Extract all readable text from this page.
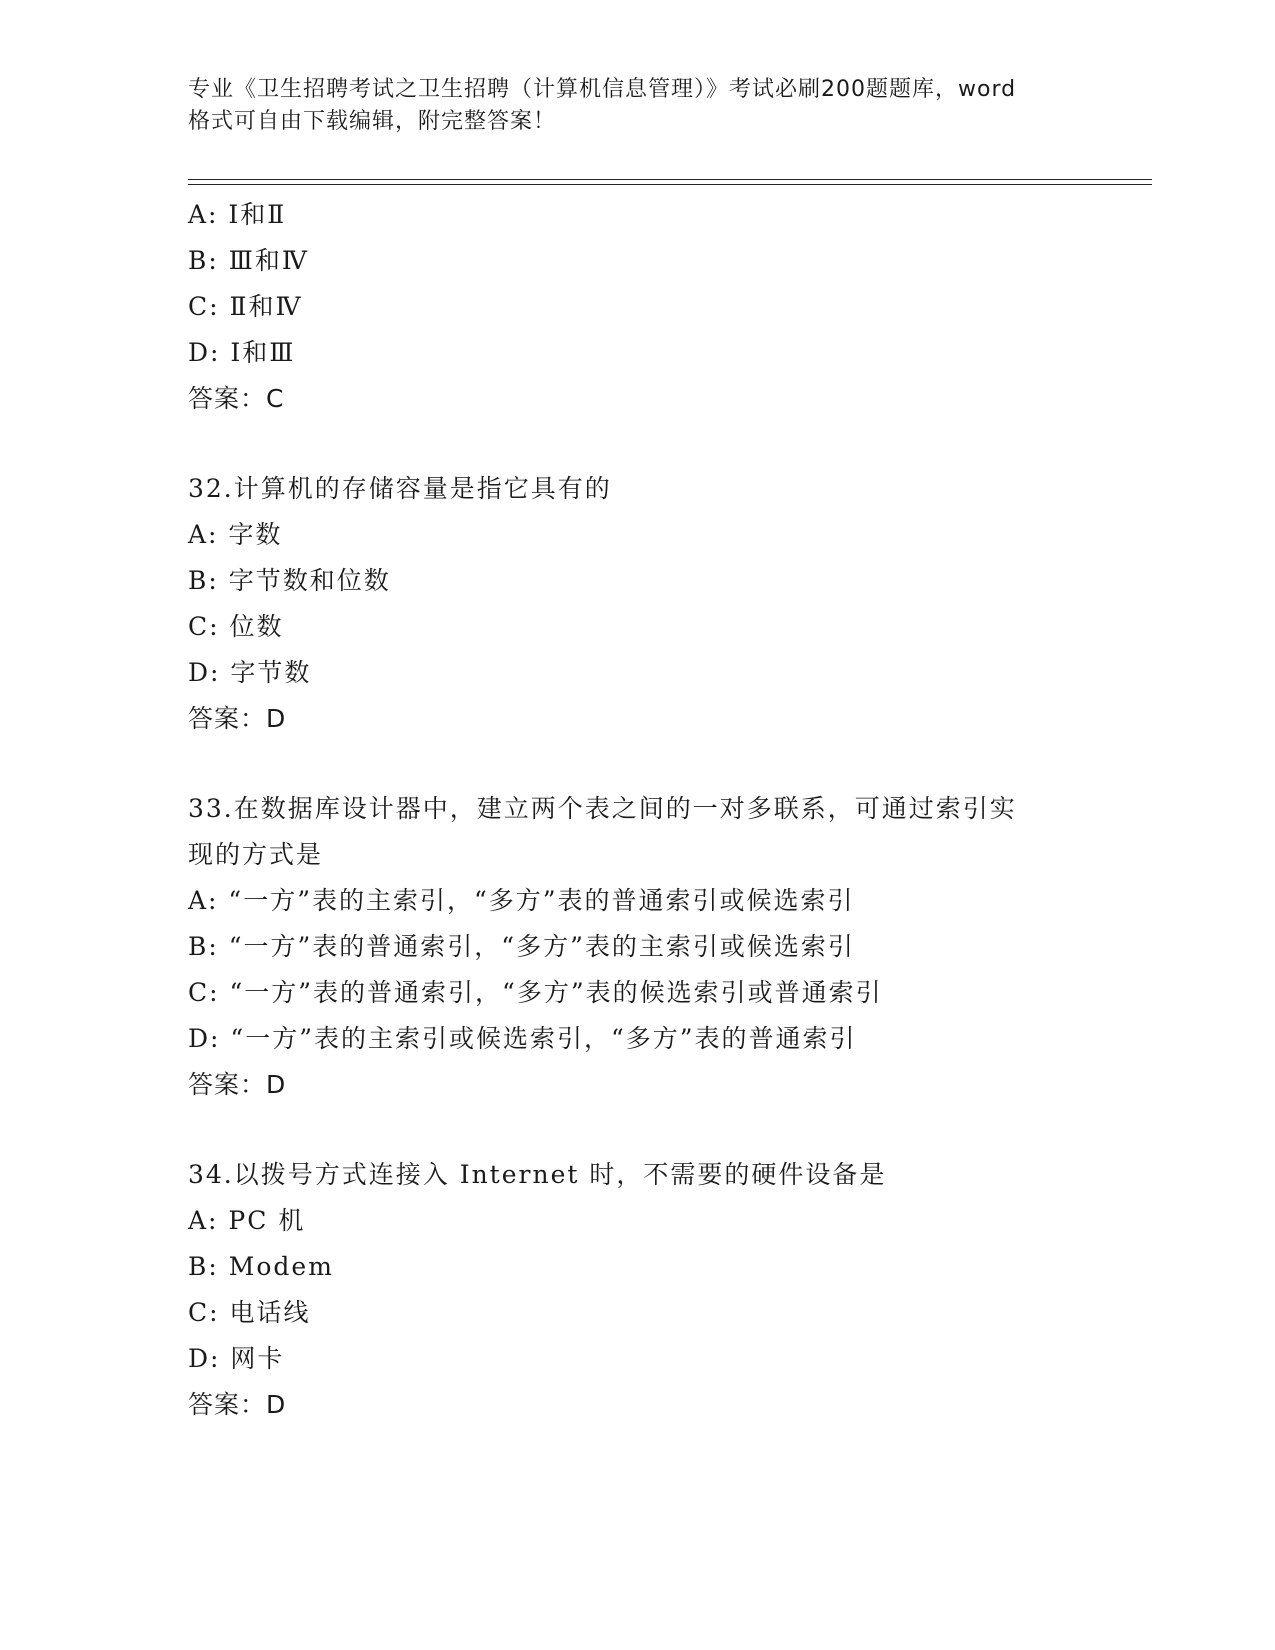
专业《卫生招聘考试之卫生招聘（计算机信息管理）》考试必刷200题题库，word
格式可自由下载编辑，附完整答案！
A: Ⅰ和Ⅱ
B: Ⅲ和Ⅳ
C: Ⅱ和Ⅳ
D: Ⅰ和Ⅲ
答案：C
32.计算机的存储容量是指它具有的
A: 字数
B: 字节数和位数
C: 位数
D: 字节数
答案：D
33.在数据库设计器中，建立两个表之间的一对多联系，可通过索引实
现的方式是
A: “一方”表的主索引，“多方”表的普通索引或候选索引
B: “一方”表的普通索引，“多方”表的主索引或候选索引
C: “一方”表的普通索引，“多方”表的候选索引或普通索引
D: “一方”表的主索引或候选索引，“多方”表的普通索引
答案：D
34.以拨号方式连接入 Internet 时，不需要的硬件设备是
A: PC 机
B: Modem
C: 电话线
D: 网卡
答案：D
